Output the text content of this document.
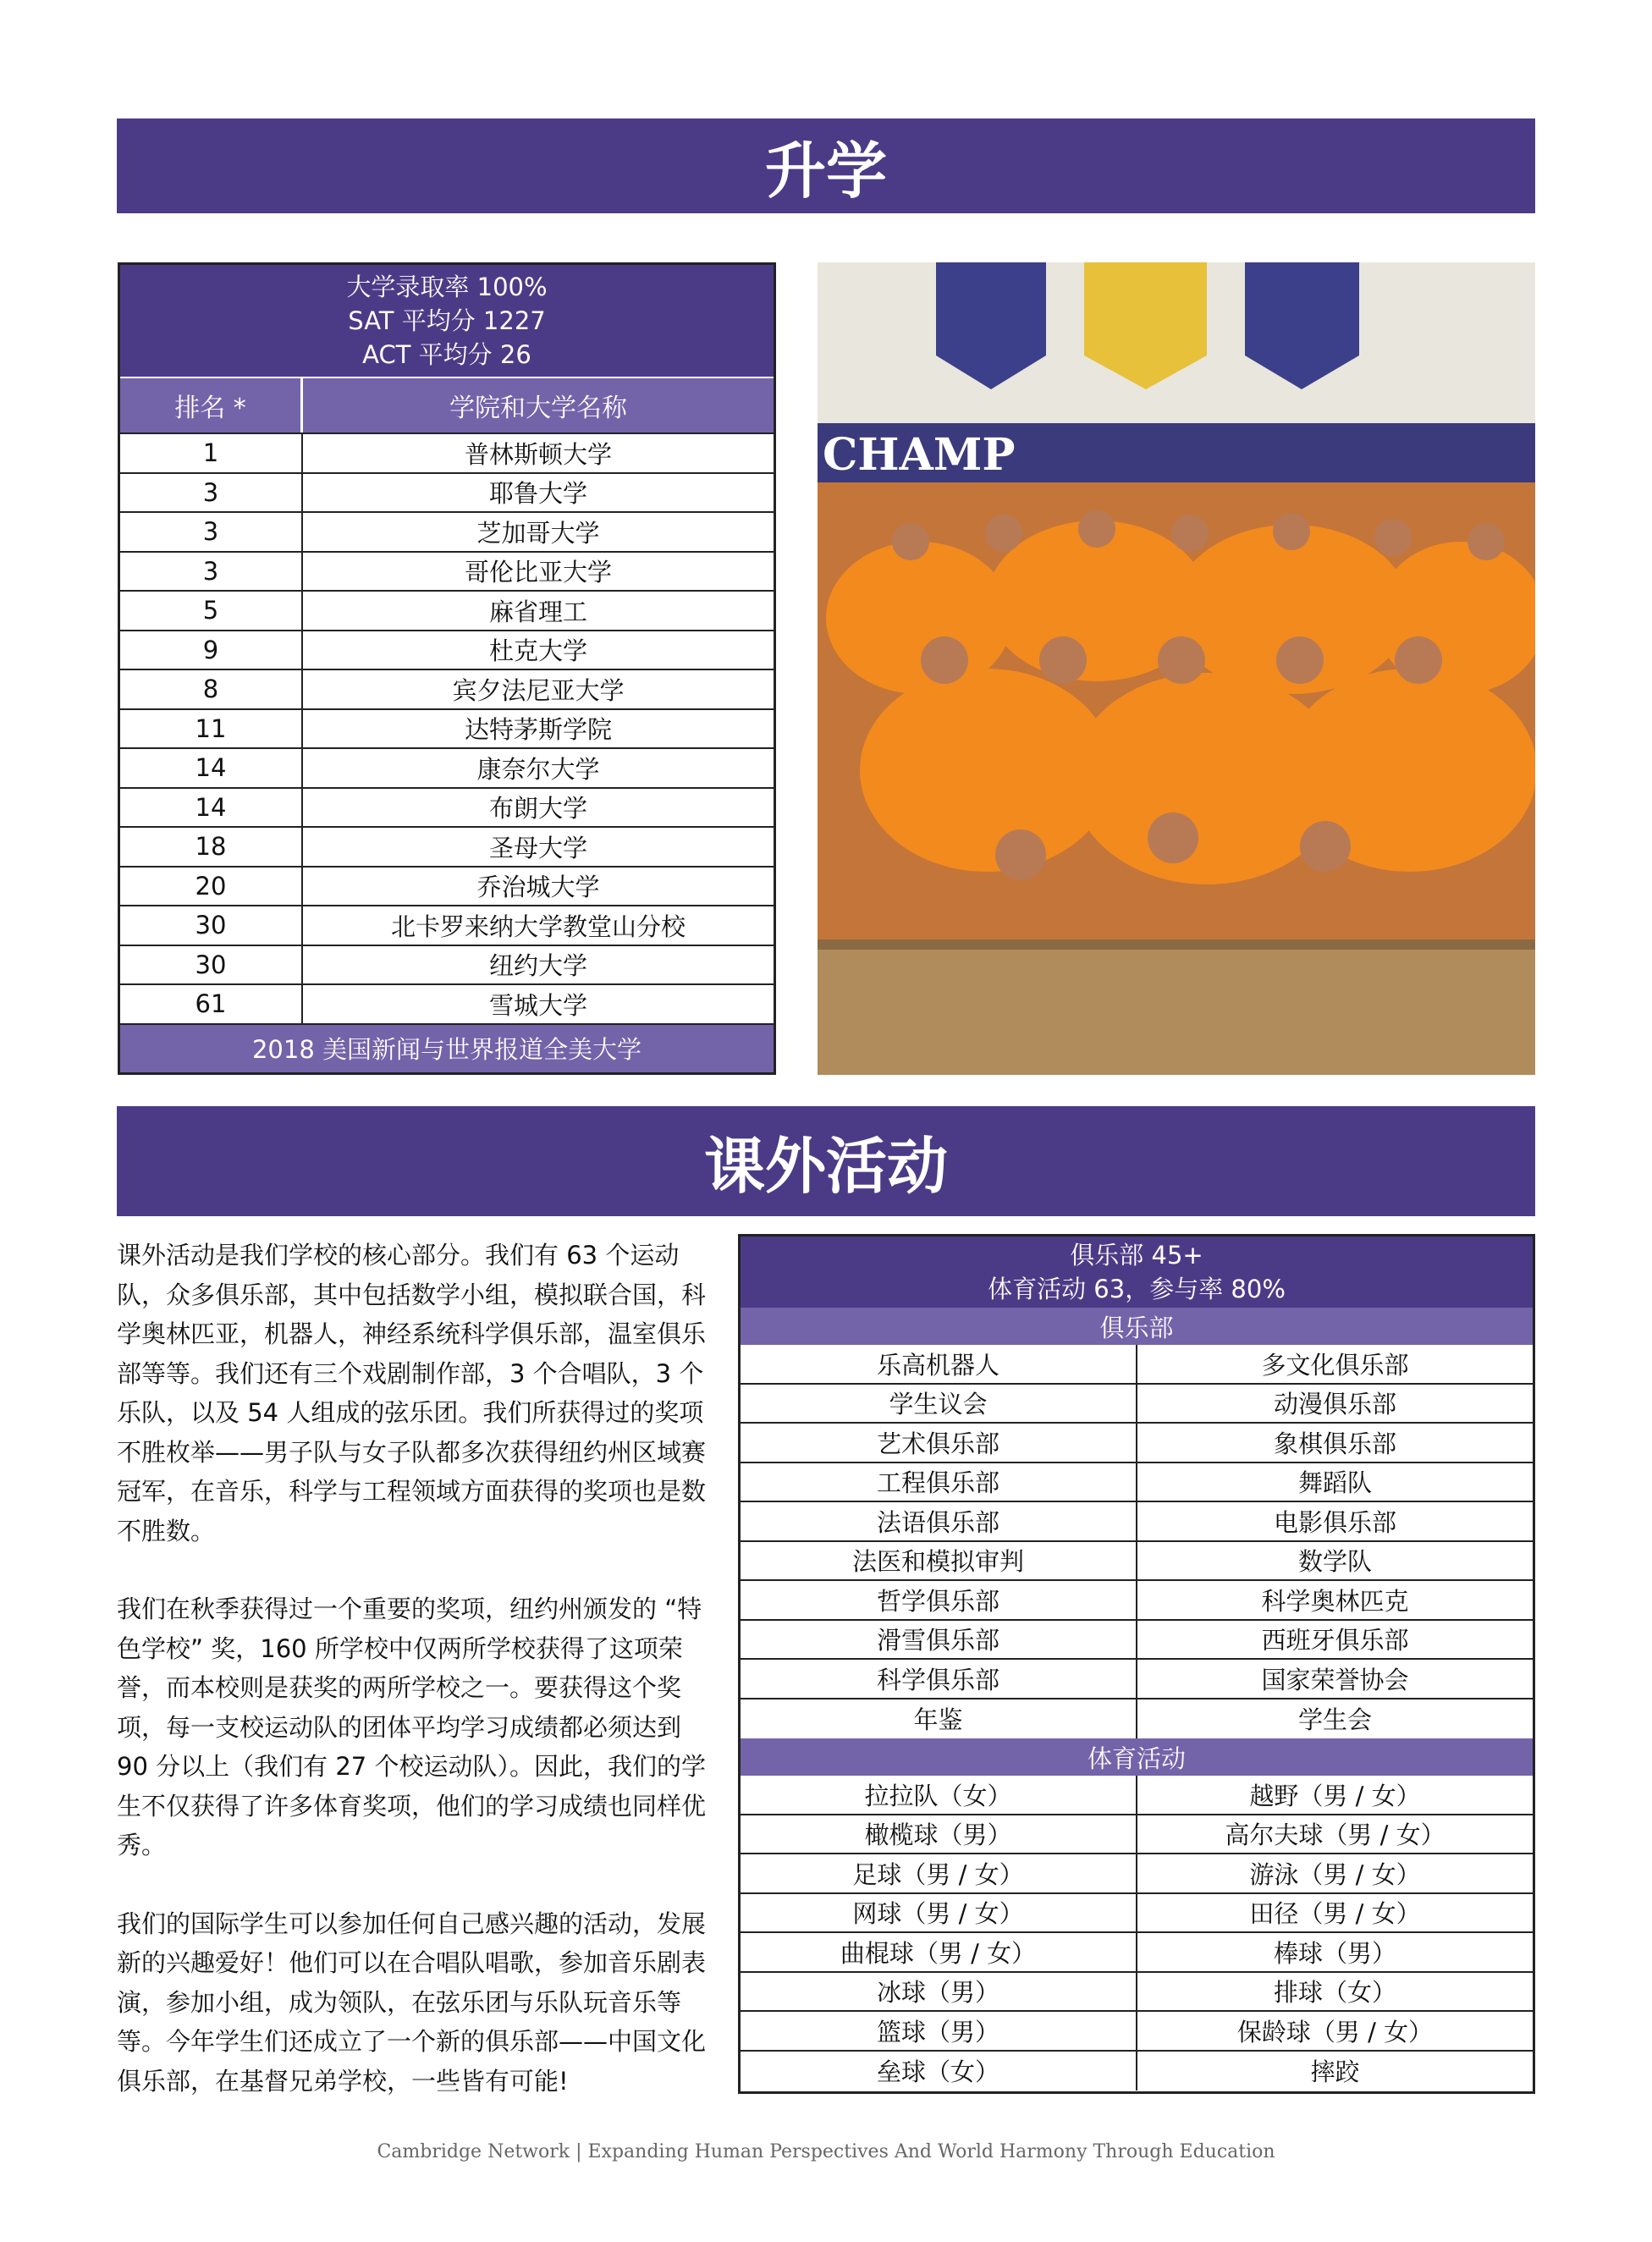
升学
大学录取率 100%
SAT 平均分 1227
ACT 平均分 26
排名 *	学院和大学名称
1	普林斯顿大学
3	耶鲁大学
3	芝加哥大学
3	哥伦比亚大学
5	麻省理工
9	杜克大学
8	宾夕法尼亚大学
11	达特茅斯学院
14	康奈尔大学
14	布朗大学
18	圣母大学
20	乔治城大学
30	北卡罗来纳大学教堂山分校
30	纽约大学
61	雪城大学
2018 美国新闻与世界报道全美大学
CHAMP
课外活动

课外活动是我们学校的核心部分。我们有 63 个运动队，众多俱乐部，其中包括数学小组，模拟联合国，科学奥林匹亚，机器人，神经系统科学俱乐部，温室俱乐部等等。我们还有三个戏剧制作部，3 个合唱队，3 个乐队，以及 54 人组成的弦乐团。我们所获得过的奖项不胜枚举——男子队与女子队都多次获得纽约州区域赛冠军，在音乐，科学与工程领域方面获得的奖项也是数不胜数。

我们在秋季获得过一个重要的奖项，纽约州颁发的 “特色学校” 奖，160 所学校中仅两所学校获得了这项荣誉，而本校则是获奖的两所学校之一。要获得这个奖项，每一支校运动队的团体平均学习成绩都必须达到 90 分以上（我们有 27 个校运动队）。因此，我们的学生不仅获得了许多体育奖项，他们的学习成绩也同样优秀。

我们的国际学生可以参加任何自己感兴趣的活动，发展新的兴趣爱好！他们可以在合唱队唱歌，参加音乐剧表演，参加小组，成为领队，在弦乐团与乐队玩音乐等等。今年学生们还成立了一个新的俱乐部——中国文化俱乐部，在基督兄弟学校，一些皆有可能!

俱乐部 45+
体育活动 63，参与率 80%
俱乐部
乐高机器人	多文化俱乐部
学生议会	动漫俱乐部
艺术俱乐部	象棋俱乐部
工程俱乐部	舞蹈队
法语俱乐部	电影俱乐部
法医和模拟审判	数学队
哲学俱乐部	科学奥林匹克
滑雪俱乐部	西班牙俱乐部
科学俱乐部	国家荣誉协会
年鉴	学生会
体育活动
拉拉队（女）	越野（男 / 女）
橄榄球（男）	高尔夫球（男 / 女）
足球（男 / 女）	游泳（男 / 女）
网球（男 / 女）	田径（男 / 女）
曲棍球（男 / 女）	棒球（男）
冰球（男）	排球（女）
篮球（男）	保龄球（男 / 女）
垒球（女）	摔跤
Cambridge Network | Expanding Human Perspectives And World Harmony Through Education
